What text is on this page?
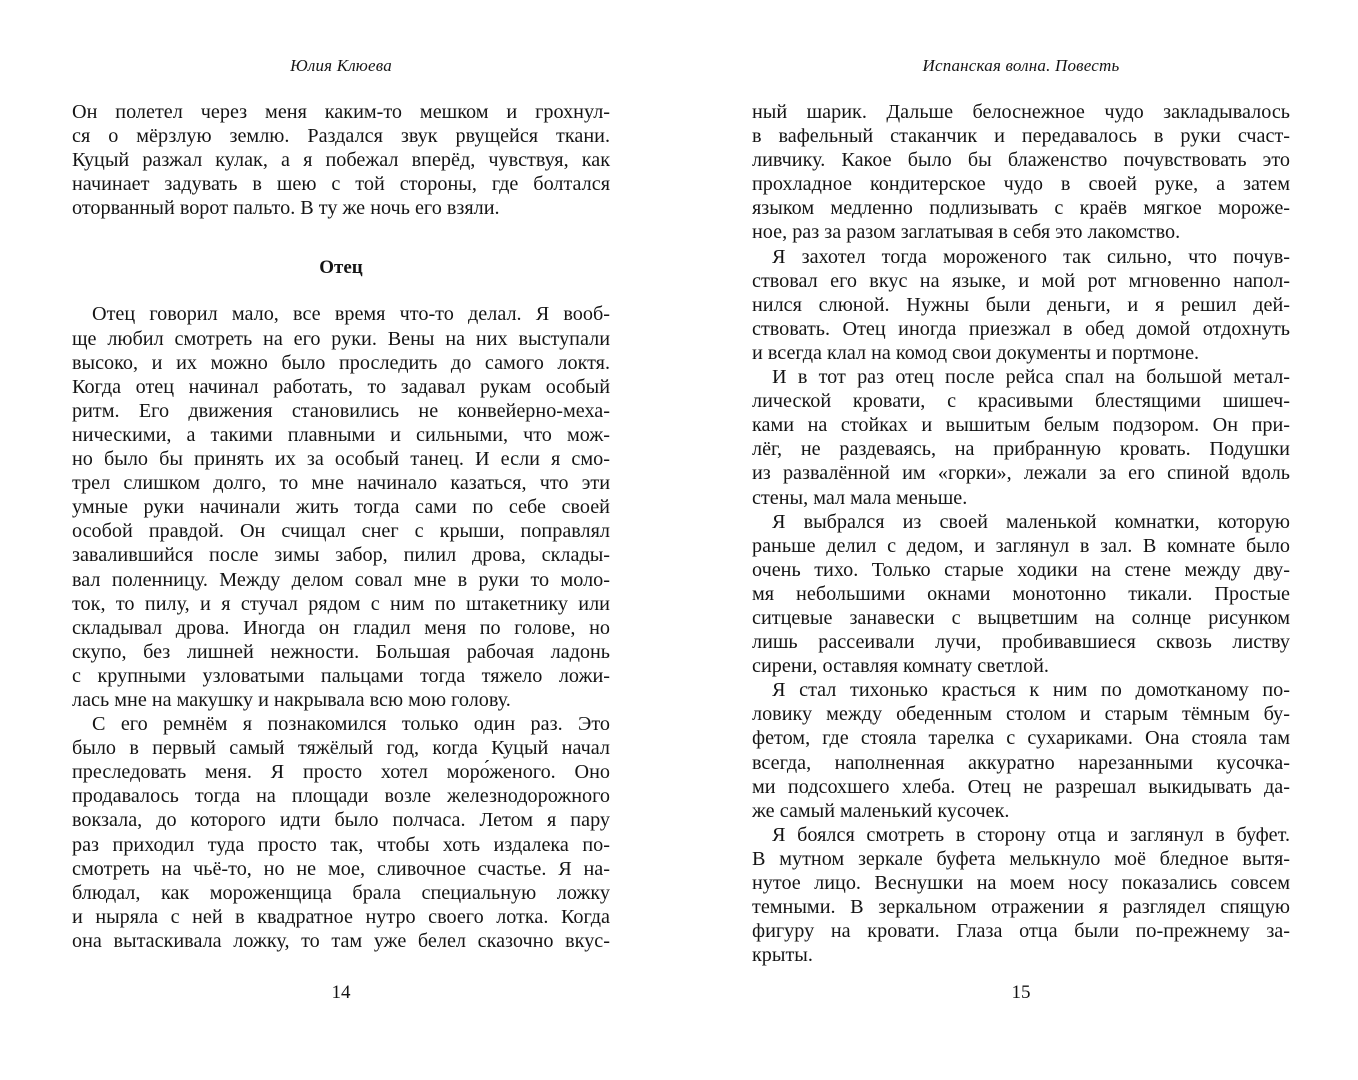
Юлия Клюева
Он полетел через меня каким-то мешком и грохнул-
ся о мёрзлую землю. Раздался звук рвущейся ткани.
Куцый разжал кулак, а я побежал вперёд, чувствуя, как
начинает задувать в шею с той стороны, где болтался
оторванный ворот пальто. В ту же ночь его взяли.
Отец
Отец говорил мало, все время что-то делал. Я вооб-
ще любил смотреть на его руки. Вены на них выступали
высоко, и их можно было проследить до самого локтя.
Когда отец начинал работать, то задавал рукам особый
ритм. Его движения становились не конвейерно-меха-
ническими, а такими плавными и сильными, что мож-
но было бы принять их за особый танец. И если я смо-
трел слишком долго, то мне начинало казаться, что эти
умные руки начинали жить тогда сами по себе своей
особой правдой. Он счищал снег с крыши, поправлял
завалившийся после зимы забор, пилил дрова, склады-
вал поленницу. Между делом совал мне в руки то моло-
ток, то пилу, и я стучал рядом с ним по штакетнику или
складывал дрова. Иногда он гладил меня по голове, но
скупо, без лишней нежности. Большая рабочая ладонь
с крупными узловатыми пальцами тогда тяжело ложи-
лась мне на макушку и накрывала всю мою голову.
С его ремнём я познакомился только один раз. Это
было в первый самый тяжёлый год, когда Куцый начал
преследовать меня. Я просто хотел моро́женого. Оно
продавалось тогда на площади возле железнодорожного
вокзала, до которого идти было полчаса. Летом я пару
раз приходил туда просто так, чтобы хоть издалека по-
смотреть на чьё-то, но не мое, сливочное счастье. Я на-
блюдал, как мороженщица брала специальную ложку
и ныряла с ней в квадратное нутро своего лотка. Когда
она вытаскивала ложку, то там уже белел сказочно вкус-
14
Испанская волна. Повесть
ный шарик. Дальше белоснежное чудо закладывалось
в вафельный стаканчик и передавалось в руки счаст-
ливчику. Какое было бы блаженство почувствовать это
прохладное кондитерское чудо в своей руке, а затем
языком медленно подлизывать с краёв мягкое мороже-
ное, раз за разом заглатывая в себя это лакомство.
Я захотел тогда мороженого так сильно, что почув-
ствовал его вкус на языке, и мой рот мгновенно напол-
нился слюной. Нужны были деньги, и я решил дей-
ствовать. Отец иногда приезжал в обед домой отдохнуть
и всегда клал на комод свои документы и портмоне.
И в тот раз отец после рейса спал на большой метал-
лической кровати, с красивыми блестящими шишеч-
ками на стойках и вышитым белым подзором. Он при-
лёг, не раздеваясь, на прибранную кровать. Подушки
из развалённой им «горки», лежали за его спиной вдоль
стены, мал мала меньше.
Я выбрался из своей маленькой комнатки, которую
раньше делил с дедом, и заглянул в зал. В комнате было
очень тихо. Только старые ходики на стене между дву-
мя небольшими окнами монотонно тикали. Простые
ситцевые занавески с выцветшим на солнце рисунком
лишь рассеивали лучи, пробивавшиеся сквозь листву
сирени, оставляя комнату светлой.
Я стал тихонько красться к ним по домотканому по-
ловику между обеденным столом и старым тёмным бу-
фетом, где стояла тарелка с сухариками. Она стояла там
всегда, наполненная аккуратно нарезанными кусочка-
ми подсохшего хлеба. Отец не разрешал выкидывать да-
же самый маленький кусочек.
Я боялся смотреть в сторону отца и заглянул в буфет.
В мутном зеркале буфета мелькнуло моё бледное вытя-
нутое лицо. Веснушки на моем носу показались совсем
темными. В зеркальном отражении я разглядел спящую
фигуру на кровати. Глаза отца были по-прежнему за-
крыты.
15
